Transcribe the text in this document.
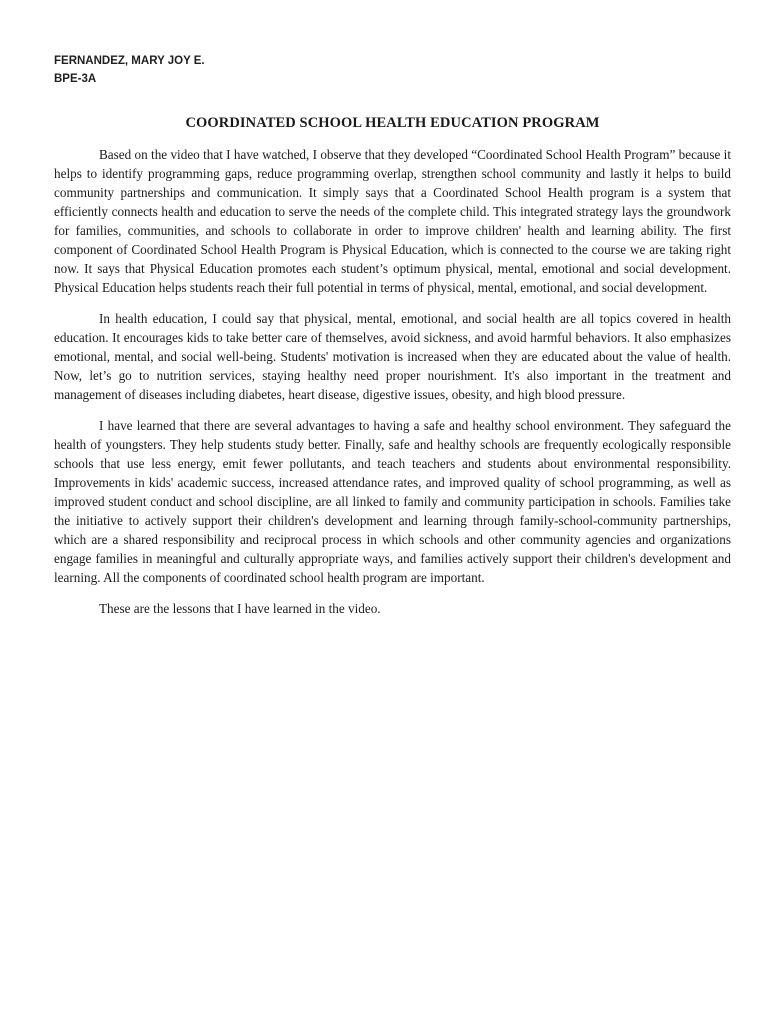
FERNANDEZ, MARY JOY E.
BPE-3A
COORDINATED SCHOOL HEALTH EDUCATION PROGRAM

Based on the video that I have watched, I observe that they developed “Coordinated School Health Program” because it helps to identify programming gaps, reduce programming overlap, strengthen school community and lastly it helps to build community partnerships and communication. It simply says that a Coordinated School Health program is a system that efficiently connects health and education to serve the needs of the complete child. This integrated strategy lays the groundwork for families, communities, and schools to collaborate in order to improve children' health and learning ability. The first component of Coordinated School Health Program is Physical Education, which is connected to the course we are taking right now. It says that Physical Education promotes each student’s optimum physical, mental, emotional and social development. Physical Education helps students reach their full potential in terms of physical, mental, emotional, and social development.

In health education, I could say that physical, mental, emotional, and social health are all topics covered in health education. It encourages kids to take better care of themselves, avoid sickness, and avoid harmful behaviors. It also emphasizes emotional, mental, and social well-being. Students' motivation is increased when they are educated about the value of health. Now, let’s go to nutrition services, staying healthy need proper nourishment. It's also important in the treatment and management of diseases including diabetes, heart disease, digestive issues, obesity, and high blood pressure.

I have learned that there are several advantages to having a safe and healthy school environment. They safeguard the health of youngsters. They help students study better. Finally, safe and healthy schools are frequently ecologically responsible schools that use less energy, emit fewer pollutants, and teach teachers and students about environmental responsibility. Improvements in kids' academic success, increased attendance rates, and improved quality of school programming, as well as improved student conduct and school discipline, are all linked to family and community participation in schools. Families take the initiative to actively support their children's development and learning through family-school-community partnerships, which are a shared responsibility and reciprocal process in which schools and other community agencies and organizations engage families in meaningful and culturally appropriate ways, and families actively support their children's development and learning. All the components of coordinated school health program are important.

These are the lessons that I have learned in the video.
